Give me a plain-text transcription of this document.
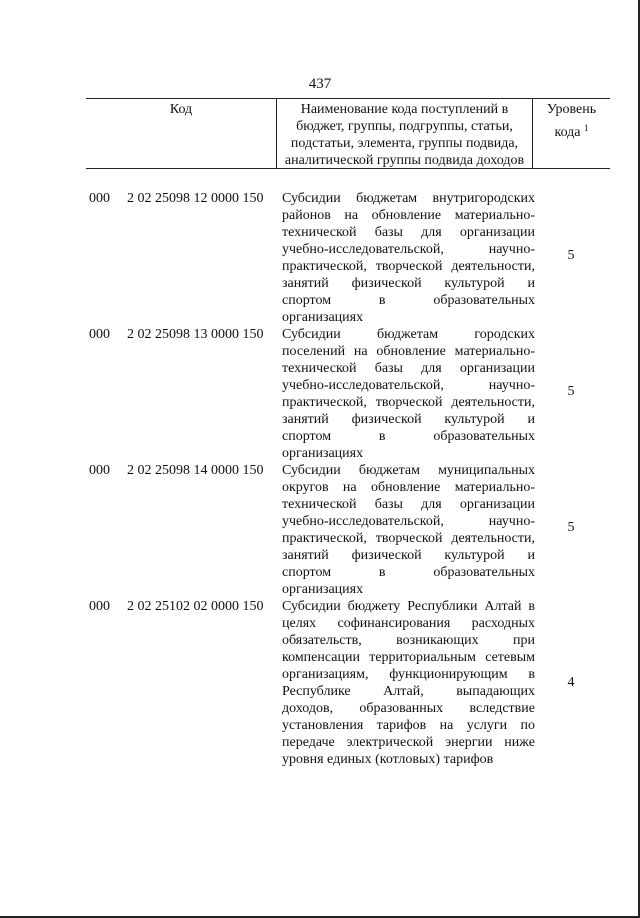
437
Код	Наименование кода поступлений в
бюджет, группы, подгруппы, статьи,
подстатьи, элемента, группы подвида,
аналитической группы подвида доходов
Уровень
кода $^1$
000 2 02 25098 12 0000 150 Субсидии бюджетам внутригородских
районов на обновление материально-
технической базы для организации
учебно-исследовательской, научно-
практической, творческой деятельности,
занятий физической культурой и
спортом в образовательных
организациях
5
000 2 02 25098 13 0000 150 Субсидии бюджетам городских
поселений на обновление материально-
технической базы для организации
учебно-исследовательской, научно-
практической, творческой деятельности,
занятий физической культурой и
спортом в образовательных
организациях
5
000 2 02 25098 14 0000 150 Субсидии бюджетам муниципальных
округов на обновление материально-
технической базы для организации
учебно-исследовательской, научно-
практической, творческой деятельности,
занятий физической культурой и
спортом в образовательных
организациях
5
000 2 02 25102 02 0000 150 Субсидии бюджету Республики Алтай в
целях софинансирования расходных
обязательств, возникающих при
компенсации территориальным сетевым
организациям, функционирующим в
Республике Алтай, выпадающих
доходов, образованных вследствие
установления тарифов на услуги по
передаче электрической энергии ниже
уровня единых (котловых) тарифов
4
